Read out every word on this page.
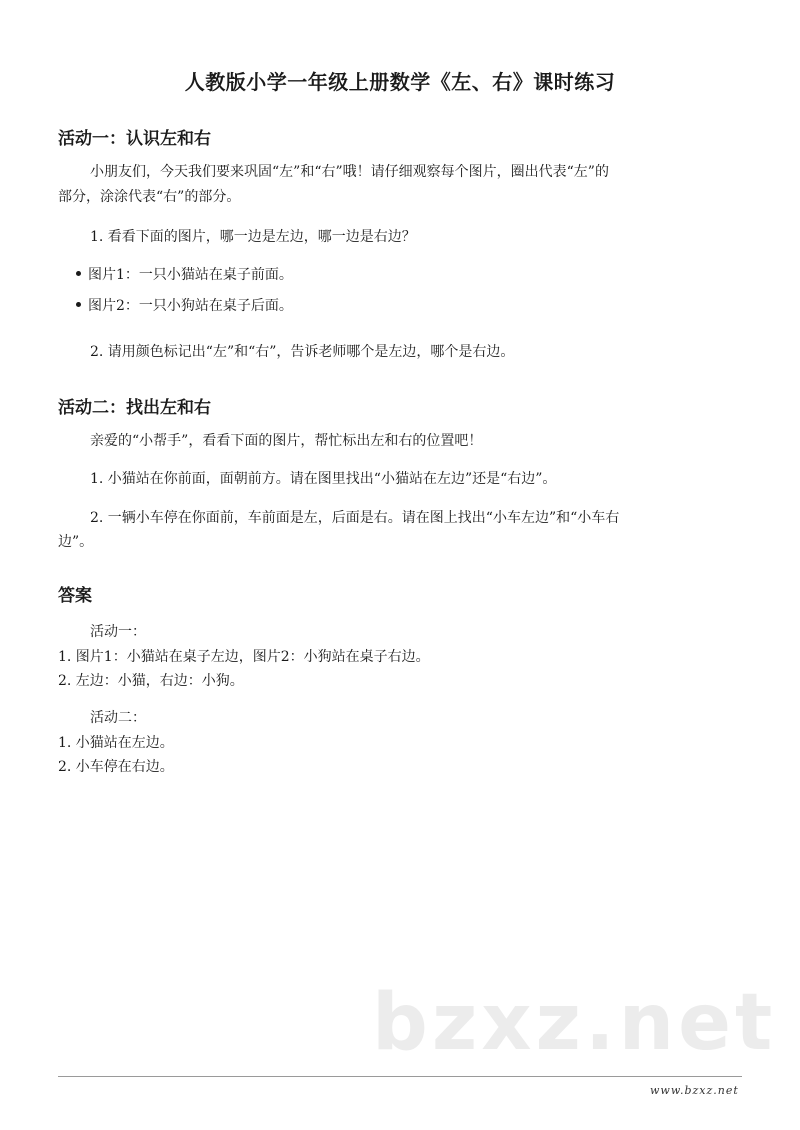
人教版小学一年级上册数学《左、右》课时练习
活动一：认识左和右
小朋友们，今天我们要来巩固“左”和“右”哦！请仔细观察每个图片，圈出代表“左”的
部分，涂涂代表“右”的部分。
1. 看看下面的图片，哪一边是左边，哪一边是右边？
图片1：一只小猫站在桌子前面。
图片2：一只小狗站在桌子后面。
2. 请用颜色标记出“左”和“右”，告诉老师哪个是左边，哪个是右边。
活动二：找出左和右
亲爱的“小帮手”，看看下面的图片，帮忙标出左和右的位置吧！
1. 小猫站在你前面，面朝前方。请在图里找出“小猫站在左边”还是“右边”。
2. 一辆小车停在你面前，车前面是左，后面是右。请在图上找出“小车左边”和“小车右
边”。
答案
活动一：
1. 图片1：小猫站在桌子左边，图片2：小狗站在桌子右边。
2. 左边：小猫，右边：小狗。
活动二：
1. 小猫站在左边。
2. 小车停在右边。
bzxz.net
www.bzxz.net
